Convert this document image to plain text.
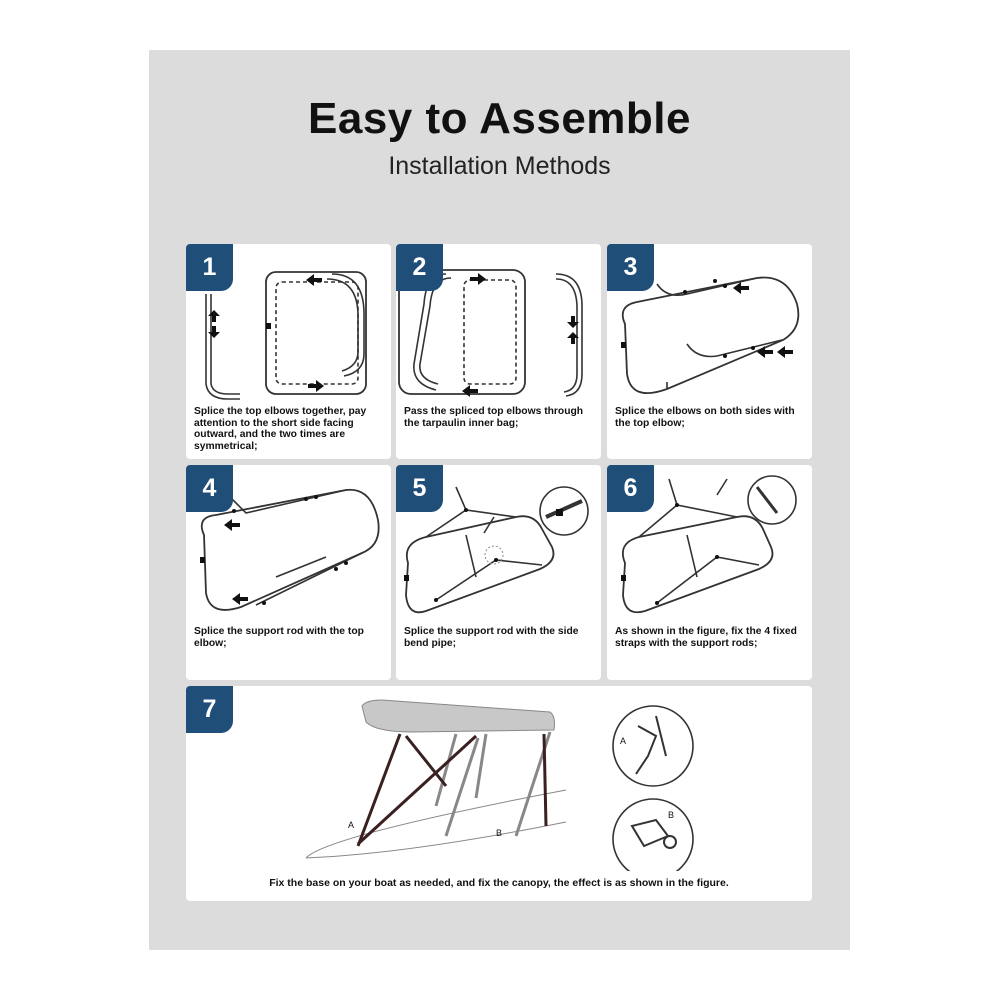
Easy to Assemble

Installation Methods

1
Splice the top elbows together, pay attention to the short side facing outward, and the two times are symmetrical;
2
Pass the spliced top elbows through the tarpaulin inner bag;
3
Splice the elbows on both sides with the top elbow;
4
Splice the support rod with the top elbow;
5
Splice the support rod with the side bend pipe;
6
As shown in the figure, fix the 4 fixed straps with the support rods;
7
A
B
A
B
Fix the base on your boat as needed, and fix the canopy, the effect is as shown in the figure.
